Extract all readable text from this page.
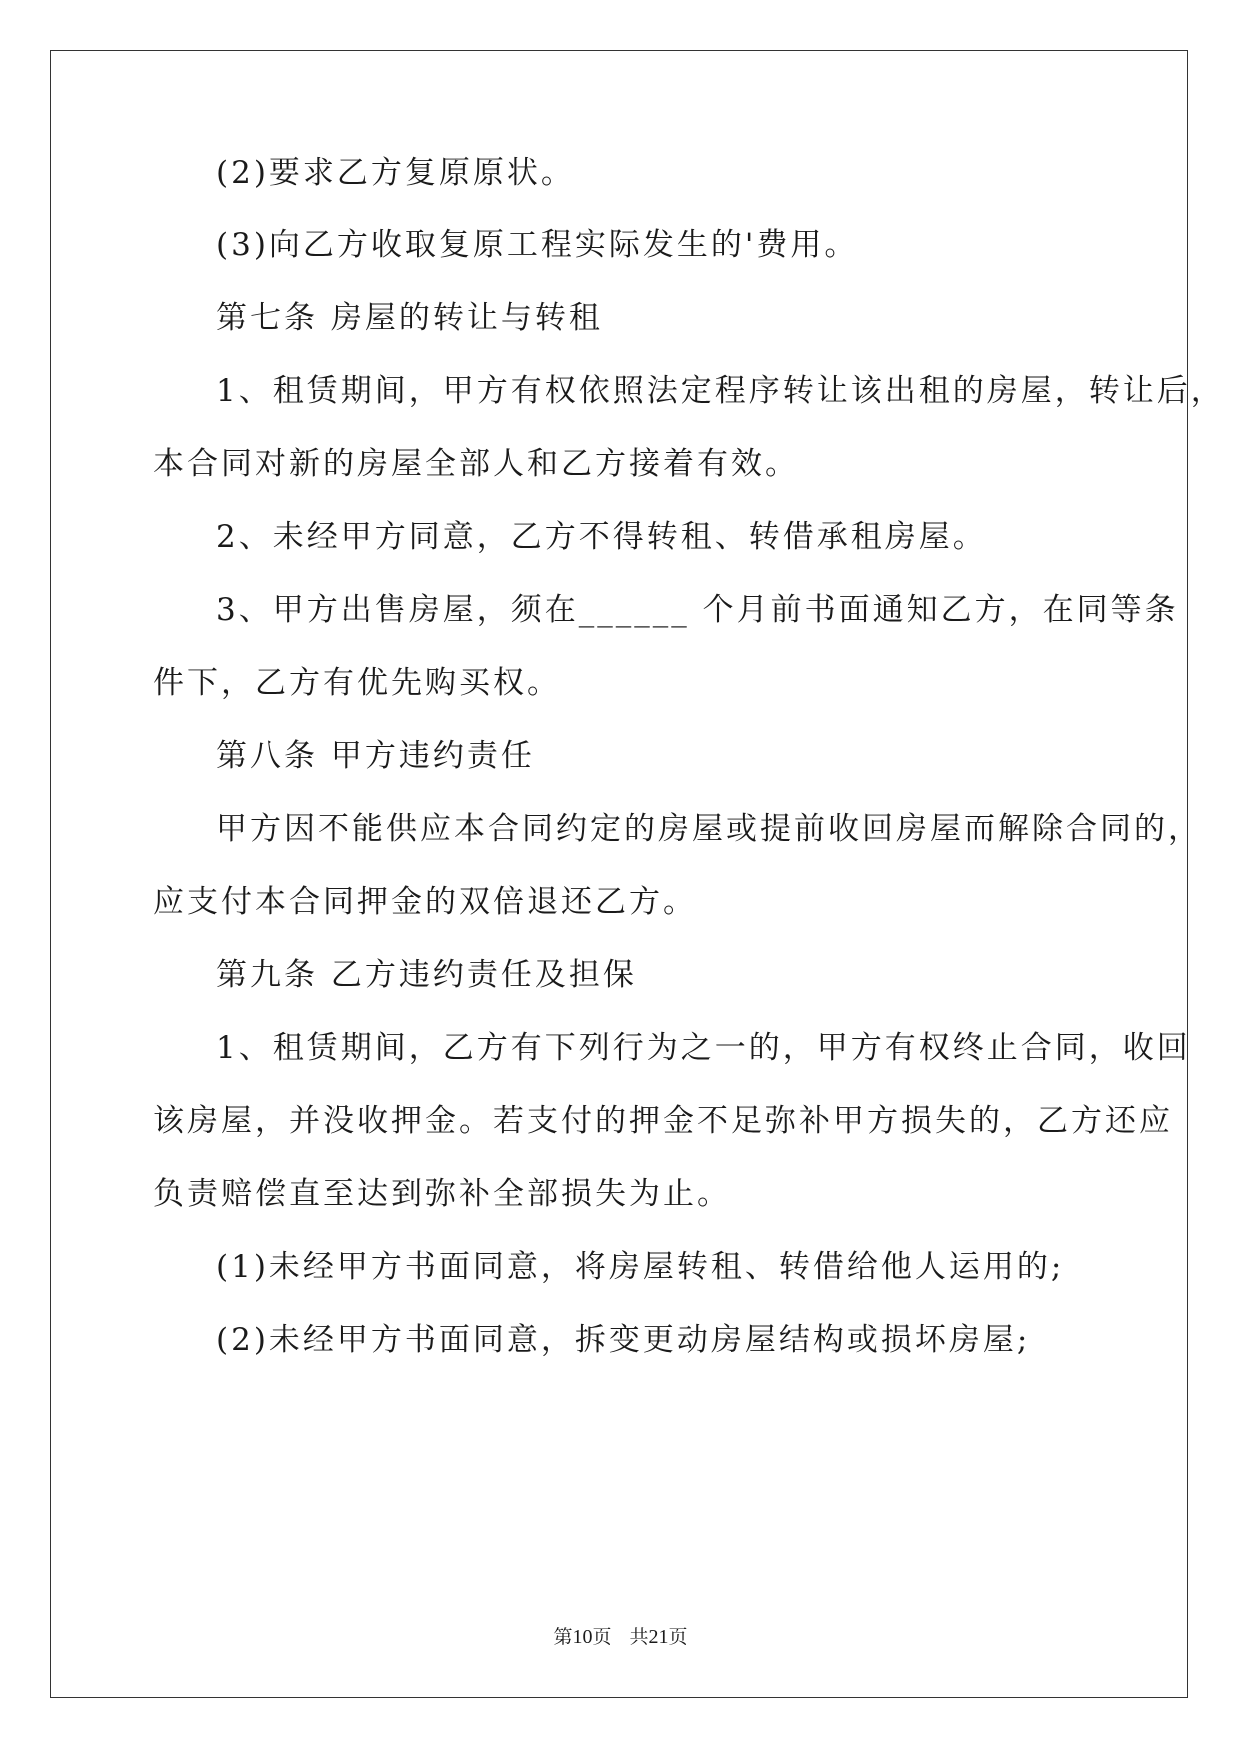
(2)要求乙方复原原状。
(3)向乙方收取复原工程实际发生的'费用。
第七条 房屋的转让与转租
1、租赁期间，甲方有权依照法定程序转让该出租的房屋，转让后，
本合同对新的房屋全部人和乙方接着有效。
2、未经甲方同意，乙方不得转租、转借承租房屋。
3、甲方出售房屋，须在______ 个月前书面通知乙方，在同等条
件下，乙方有优先购买权。
第八条 甲方违约责任
甲方因不能供应本合同约定的房屋或提前收回房屋而解除合同的，
应支付本合同押金的双倍退还乙方。
第九条 乙方违约责任及担保
1、租赁期间，乙方有下列行为之一的，甲方有权终止合同，收回
该房屋，并没收押金。若支付的押金不足弥补甲方损失的，乙方还应
负责赔偿直至达到弥补全部损失为止。
(1)未经甲方书面同意，将房屋转租、转借给他人运用的;
(2)未经甲方书面同意，拆变更动房屋结构或损坏房屋;
第10页 共21页
